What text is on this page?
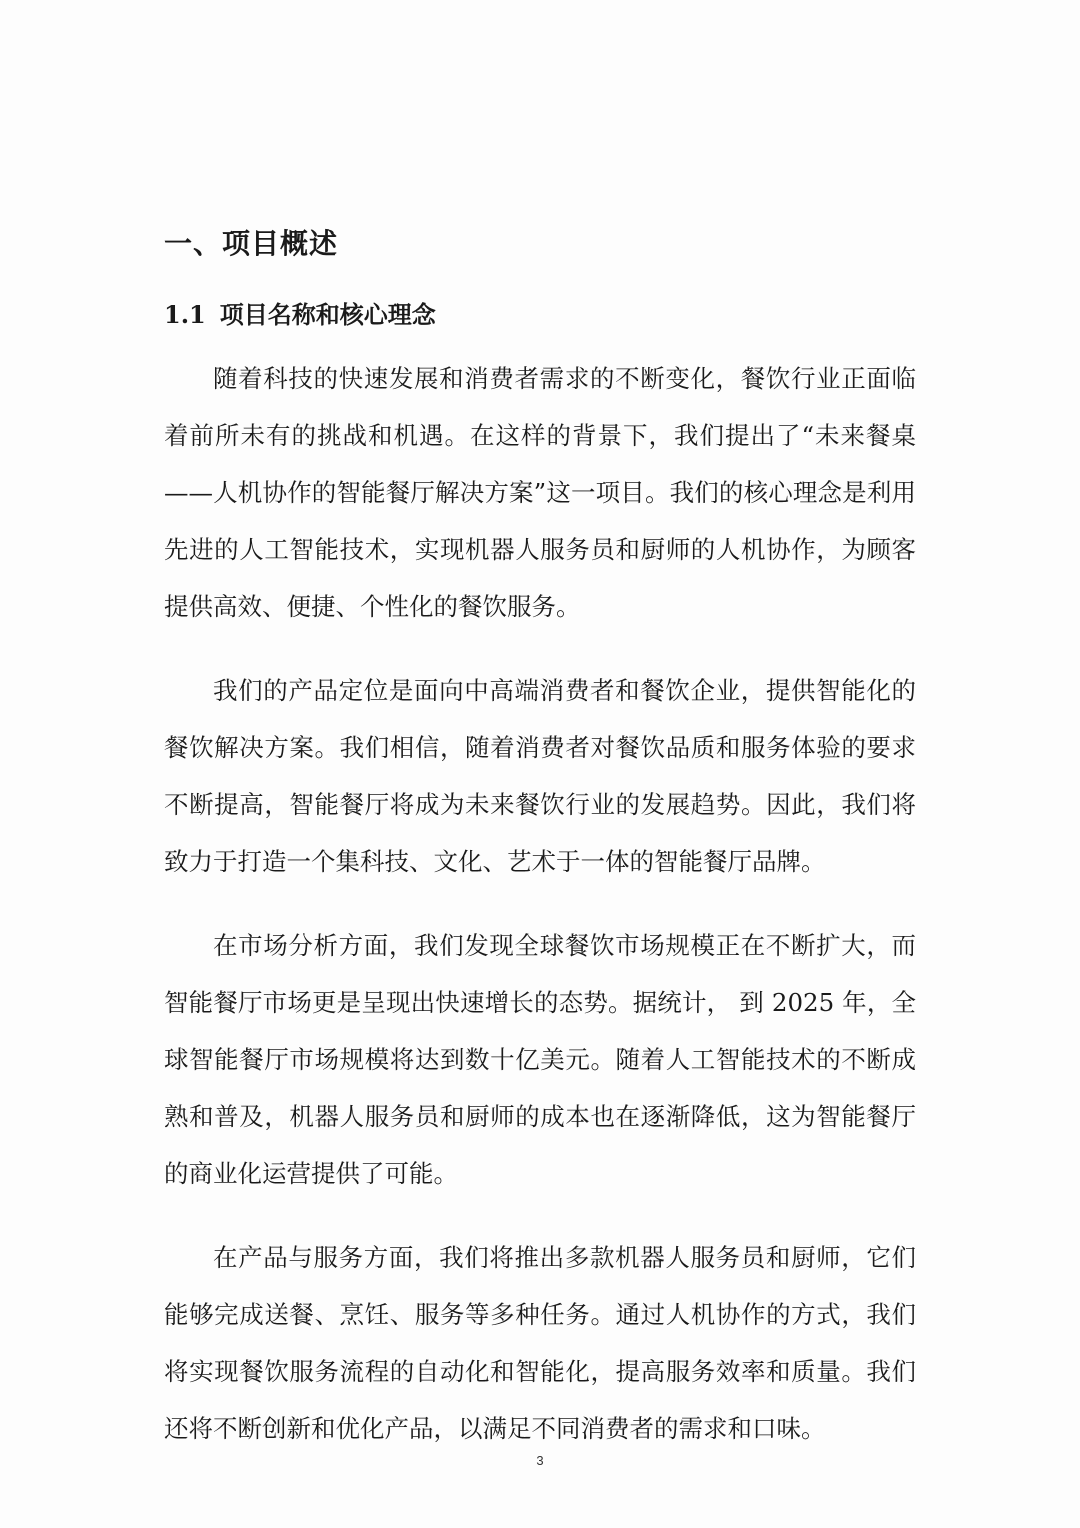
一、项目概述
1.1 项目名称和核心理念

随着科技的快速发展和消费者需求的不断变化，餐饮行业正面临着前所未有的挑战和机遇。在这样的背景下，我们提出了“未来餐桌——人机协作的智能餐厅解决方案”这一项目。我们的核心理念是利用先进的人工智能技术，实现机器人服务员和厨师的人机协作，为顾客提供高效、便捷、个性化的餐饮服务。

我们的产品定位是面向中高端消费者和餐饮企业，提供智能化的餐饮解决方案。我们相信，随着消费者对餐饮品质和服务体验的要求不断提高，智能餐厅将成为未来餐饮行业的发展趋势。因此，我们将致力于打造一个集科技、文化、艺术于一体的智能餐厅品牌。

在市场分析方面，我们发现全球餐饮市场规模正在不断扩大，而智能餐厅市场更是呈现出快速增长的态势。据统计， 到 2025 年，全球智能餐厅市场规模将达到数十亿美元。随着人工智能技术的不断成熟和普及，机器人服务员和厨师的成本也在逐渐降低，这为智能餐厅的商业化运营提供了可能。

在产品与服务方面，我们将推出多款机器人服务员和厨师，它们能够完成送餐、烹饪、服务等多种任务。通过人机协作的方式，我们将实现餐饮服务流程的自动化和智能化，提高服务效率和质量。我们还将不断创新和优化产品，以满足不同消费者的需求和口味。

3
